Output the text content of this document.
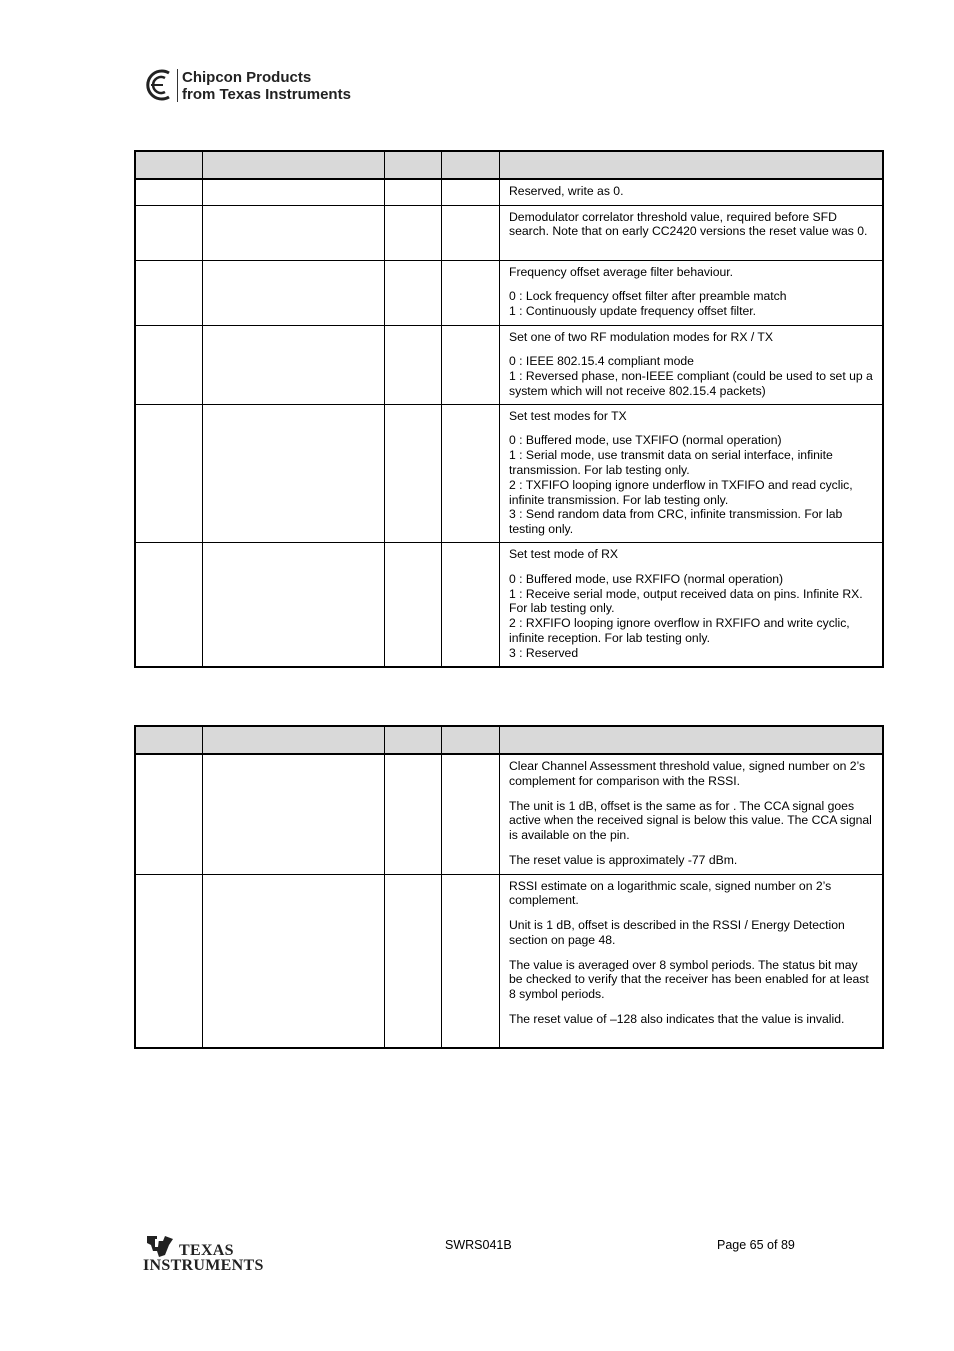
Chipcon Products
from Texas Instruments

				Reserved, write as 0.

				Demodulator correlator threshold value, required before SFD search. Note that on early CC2420 versions the reset value was 0.

				Frequency offset average filter behaviour.

0 : Lock frequency offset filter after preamble match
1 : Continuously update frequency offset filter.

				Set one of two RF modulation modes for RX / TX

0 : IEEE 802.15.4 compliant mode
1 : Reversed phase, non-IEEE compliant (could be used to set up a system which will not receive 802.15.4 packets)

				Set test modes for TX

0 : Buffered mode, use TXFIFO (normal operation)
1 : Serial mode, use transmit data on serial interface, infinite transmission. For lab testing only.
2 : TXFIFO looping ignore underflow in TXFIFO and read cyclic, infinite transmission. For lab testing only.
3 : Send random data from CRC, infinite transmission. For lab testing only.

				Set test mode of RX

0 : Buffered mode, use RXFIFO (normal operation)
1 : Receive serial mode, output received data on pins. Infinite RX. For lab testing only.
2 : RXFIFO looping ignore overflow in RXFIFO and write cyclic, infinite reception. For lab testing only.
3 : Reserved

				Clear Channel Assessment threshold value, signed number on 2’s complement for comparison with the RSSI.

The unit is 1 dB, offset is the same as for . The CCA signal goes active when the received signal is below this value. The CCA signal is available on the pin.

The reset value is approximately -77 dBm.

				RSSI estimate on a logarithmic scale, signed number on 2’s complement.

Unit is 1 dB, offset is described in the RSSI / Energy Detection section on page 48.

The value is averaged over 8 symbol periods. The status bit may be checked to verify that the receiver has been enabled for at least 8 symbol periods.

The reset value of –128 also indicates that the value is invalid.

TEXAS
INSTRUMENTS
SWRS041B	Page 65 of 89
